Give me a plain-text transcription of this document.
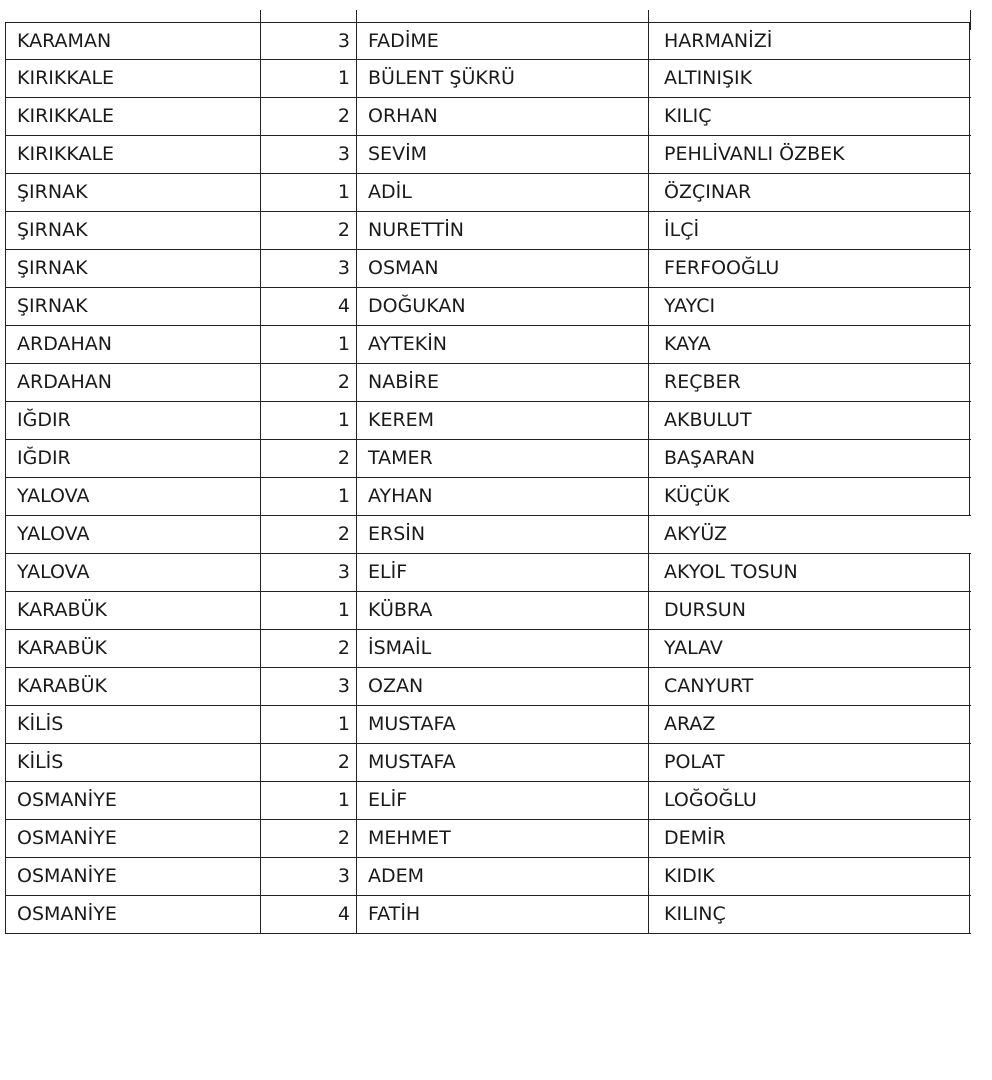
KARAMAN	3 FADİME	HARMANİZİ
KIRIKKALE	1 BÜLENT ŞÜKRÜ	ALTINIŞIK
KIRIKKALE	2 ORHAN	KILIÇ
KIRIKKALE	3 SEVİM	PEHLİVANLI ÖZBEK
ŞIRNAK	1 ADİL	ÖZÇINAR
ŞIRNAK	2 NURETTİN	İLÇİ
ŞIRNAK	3 OSMAN	FERFOOĞLU
ŞIRNAK	4 DOĞUKAN	YAYCI
ARDAHAN	1 AYTEKİN	KAYA
ARDAHAN	2 NABİRE	REÇBER
IĞDIR	1 KEREM	AKBULUT
IĞDIR	2 TAMER	BAŞARAN
YALOVA	1 AYHAN	KÜÇÜK
YALOVA	2 ERSİN	AKYÜZ
YALOVA	3 ELİF	AKYOL TOSUN
KARABÜK	1 KÜBRA	DURSUN
KARABÜK	2 İSMAİL	YALAV
KARABÜK	3 OZAN	CANYURT
KİLİS	1 MUSTAFA	ARAZ
KİLİS	2 MUSTAFA	POLAT
OSMANİYE	1 ELİF	LOĞOĞLU
OSMANİYE	2 MEHMET	DEMİR
OSMANİYE	3 ADEM	KIDIK
OSMANİYE	4 FATİH	KILINÇ
